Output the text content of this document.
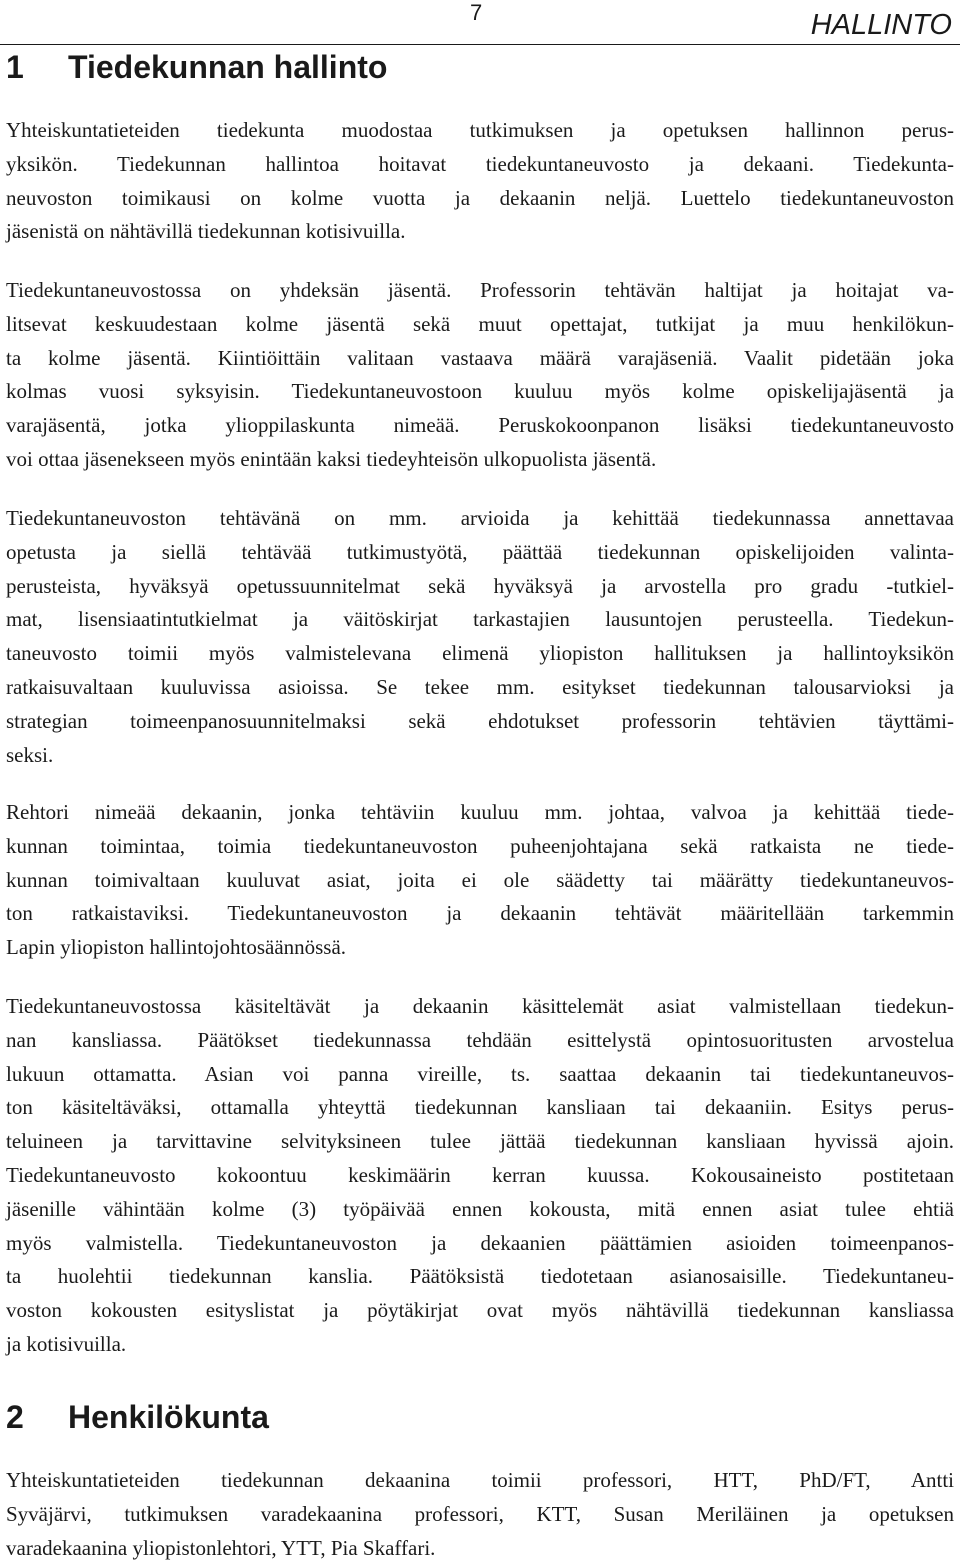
7	HALLINTO
1 Tiedekunnan hallinto

Yhteiskuntatieteiden tiedekunta muodostaa tutkimuksen ja opetuksen hallinnon perus-
yksikön. Tiedekunnan hallintoa hoitavat tiedekuntaneuvosto ja dekaani. Tiedekunta-
neuvoston toimikausi on kolme vuotta ja dekaanin neljä. Luettelo tiedekuntaneuvoston
jäsenistä on nähtävillä tiedekunnan kotisivuilla.

Tiedekuntaneuvostossa on yhdeksän jäsentä. Professorin tehtävän haltijat ja hoitajat va-
litsevat keskuudestaan kolme jäsentä sekä muut opettajat, tutkijat ja muu henkilökun-
ta kolme jäsentä. Kiintiöittäin valitaan vastaava määrä varajäseniä. Vaalit pidetään joka
kolmas vuosi syksyisin. Tiedekuntaneuvostoon kuuluu myös kolme opiskelijajäsentä ja
varajäsentä, jotka ylioppilaskunta nimeää. Peruskokoonpanon lisäksi tiedekuntaneuvosto
voi ottaa jäsenekseen myös enintään kaksi tiedeyhteisön ulkopuolista jäsentä.

Tiedekuntaneuvoston tehtävänä on mm. arvioida ja kehittää tiedekunnassa annettavaa
opetusta ja siellä tehtävää tutkimustyötä, päättää tiedekunnan opiskelijoiden valinta-
perusteista, hyväksyä opetussuunnitelmat sekä hyväksyä ja arvostella pro gradu -tutkiel-
mat, lisensiaatintutkielmat ja väitöskirjat tarkastajien lausuntojen perusteella. Tiedekun-
taneuvosto toimii myös valmistelevana elimenä yliopiston hallituksen ja hallintoyksikön
ratkaisuvaltaan kuuluvissa asioissa. Se tekee mm. esitykset tiedekunnan talousarvioksi ja
strategian toimeenpanosuunnitelmaksi sekä ehdotukset professorin tehtävien täyttämi-
seksi.

Rehtori nimeää dekaanin, jonka tehtäviin kuuluu mm. johtaa, valvoa ja kehittää tiede-
kunnan toimintaa, toimia tiedekuntaneuvoston puheenjohtajana sekä ratkaista ne tiede-
kunnan toimivaltaan kuuluvat asiat, joita ei ole säädetty tai määrätty tiedekuntaneuvos-
ton ratkaistaviksi. Tiedekuntaneuvoston ja dekaanin tehtävät määritellään tarkemmin
Lapin yliopiston hallintojohtosäännössä.

Tiedekuntaneuvostossa käsiteltävät ja dekaanin käsittelemät asiat valmistellaan tiedekun-
nan kansliassa. Päätökset tiedekunnassa tehdään esittelystä opintosuoritusten arvostelua
lukuun ottamatta. Asian voi panna vireille, ts. saattaa dekaanin tai tiedekuntaneuvos-
ton käsiteltäväksi, ottamalla yhteyttä tiedekunnan kansliaan tai dekaaniin. Esitys perus-
teluineen ja tarvittavine selvityksineen tulee jättää tiedekunnan kansliaan hyvissä ajoin.
Tiedekuntaneuvosto kokoontuu keskimäärin kerran kuussa. Kokousaineisto postitetaan
jäsenille vähintään kolme (3) työpäivää ennen kokousta, mitä ennen asiat tulee ehtiä
myös valmistella. Tiedekuntaneuvoston ja dekaanien päättämien asioiden toimeenpanos-
ta huolehtii tiedekunnan kanslia. Päätöksistä tiedotetaan asianosaisille. Tiedekuntaneu-
voston kokousten esityslistat ja pöytäkirjat ovat myös nähtävillä tiedekunnan kansliassa
ja kotisivuilla.

2 Henkilökunta

Yhteiskuntatieteiden tiedekunnan dekaanina toimii professori, HTT, PhD/FT, Antti
Syväjärvi, tutkimuksen varadekaanina professori, KTT, Susan Meriläinen ja opetuksen
varadekaanina yliopistonlehtori, YTT, Pia Skaffari.
